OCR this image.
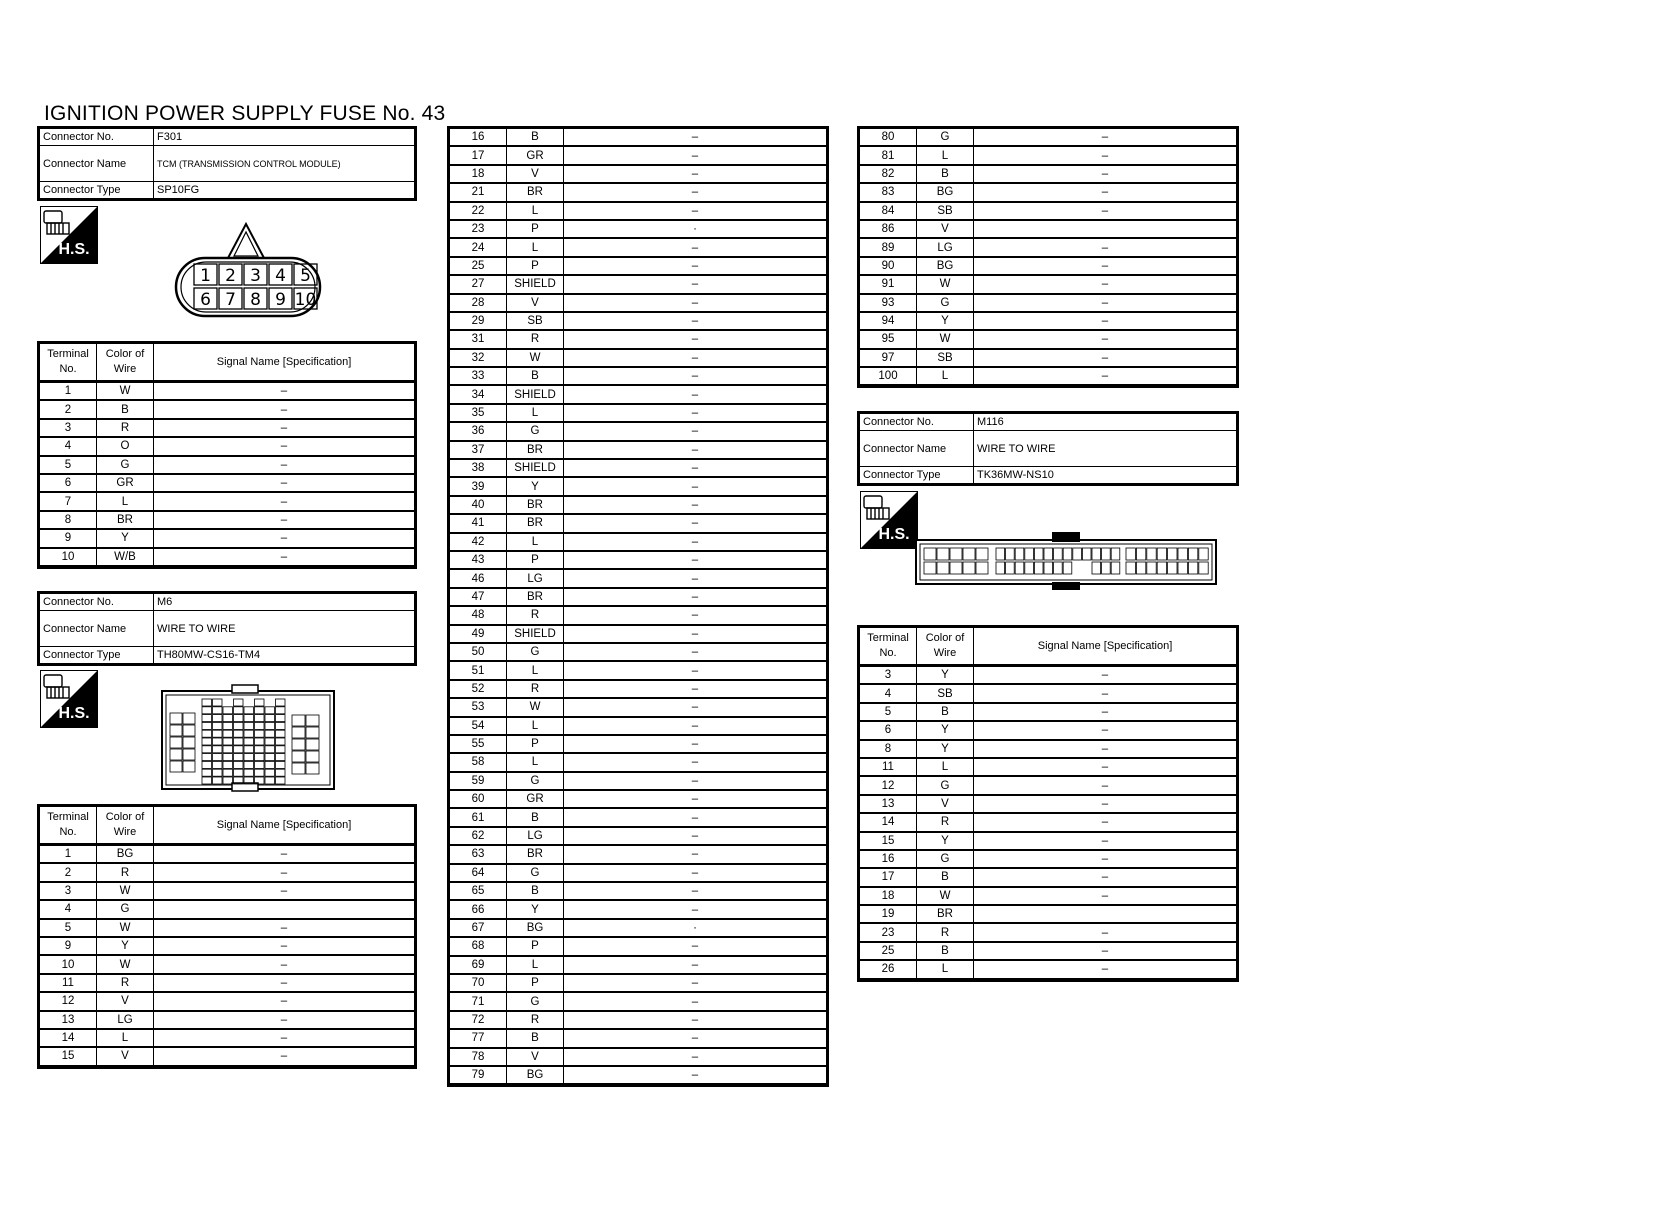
IGNITION POWER SUPPLY FUSE No. 43
Connector No.	F301
Connector Name	TCM (TRANSMISSION CONTROL MODULE)
Connector Type	SP10FG
H.S.
1 2 3 4 5
6 7 8 9 10
Terminal No.	Color of Wire	Signal Name [Specification]
1	W	–
2	B	–
3	R	–
4	O	–
5	G	–
6	GR	–
7	L	–
8	BR	–
9	Y	–
10	W/B	–
Connector No.	M6
Connector Name	WIRE TO WIRE
Connector Type	TH80MW-CS16-TM4
H.S.
Terminal No.	Color of Wire	Signal Name [Specification]
1	BG	–
2	R	–
3	W	–
4	G	
5	W	–
9	Y	–
10	W	–
11	R	–
12	V	–
13	LG	–
14	L	–
15	V	–
16	B	–
17	GR	–
18	V	–
21	BR	–
22	L	–
23	P	·
24	L	–
25	P	–
27	SHIELD	–
28	V	–
29	SB	–
31	R	–
32	W	–
33	B	–
34	SHIELD	–
35	L	–
36	G	–
37	BR	–
38	SHIELD	–
39	Y	–
40	BR	–
41	BR	–
42	L	–
43	P	–
46	LG	–
47	BR	–
48	R	–
49	SHIELD	–
50	G	–
51	L	–
52	R	–
53	W	–
54	L	–
55	P	–
58	L	–
59	G	–
60	GR	–
61	B	–
62	LG	–
63	BR	–
64	G	–
65	B	–
66	Y	–
67	BG	·
68	P	–
69	L	–
70	P	–
71	G	–
72	R	–
77	B	–
78	V	–
79	BG	–
80	G	–
81	L	–
82	B	–
83	BG	–
84	SB	–
86	V	
89	LG	–
90	BG	–
91	W	–
93	G	–
94	Y	–
95	W	–
97	SB	–
100	L	–
Connector No.	M116
Connector Name	WIRE TO WIRE
Connector Type	TK36MW-NS10
H.S.
Terminal No.	Color of Wire	Signal Name [Specification]
3	Y	–
4	SB	–
5	B	–
6	Y	–
8	Y	–
11	L	–
12	G	–
13	V	–
14	R	–
15	Y	–
16	G	–
17	B	–
18	W	–
19	BR	
23	R	–
25	B	–
26	L	–
